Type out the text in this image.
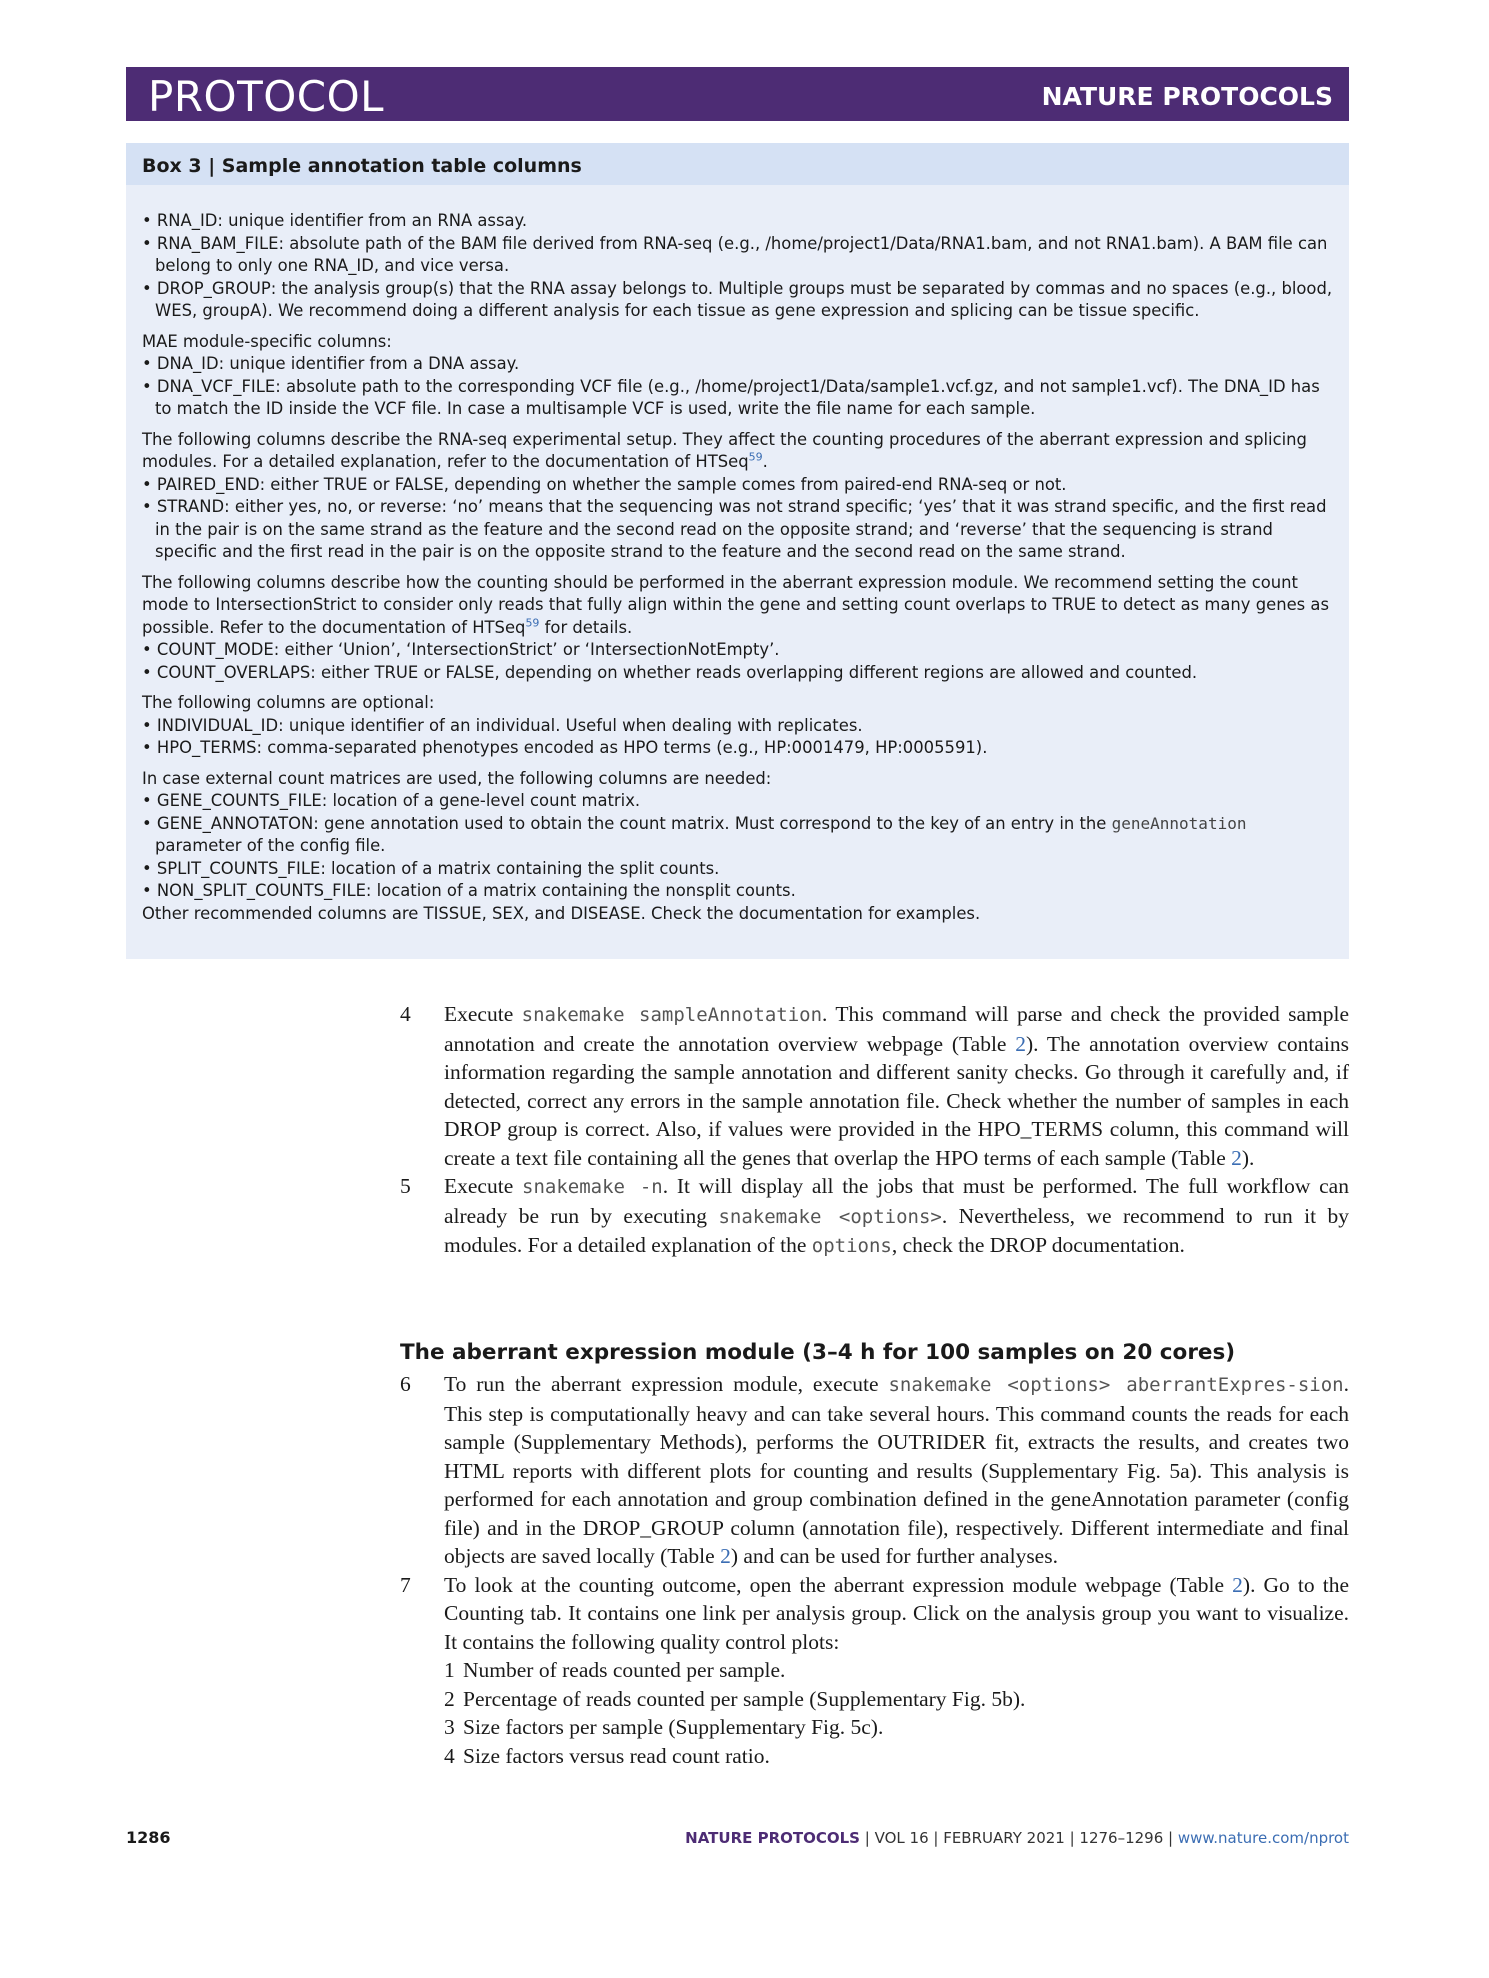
PROTOCOL	NATURE PROTOCOLS
Box 3 | Sample annotation table columns

• RNA_ID: unique identifier from an RNA assay.

• RNA_BAM_FILE: absolute path of the BAM file derived from RNA-seq (e.g., /home/project1/Data/RNA1.bam, and not RNA1.bam). A BAM file can belong to only one RNA_ID, and vice versa.

• DROP_GROUP: the analysis group(s) that the RNA assay belongs to. Multiple groups must be separated by commas and no spaces (e.g., blood, WES, groupA). We recommend doing a different analysis for each tissue as gene expression and splicing can be tissue specific.

MAE module-specific columns:

• DNA_ID: unique identifier from a DNA assay.

• DNA_VCF_FILE: absolute path to the corresponding VCF file (e.g., /home/project1/Data/sample1.vcf.gz, and not sample1.vcf). The DNA_ID has to match the ID inside the VCF file. In case a multisample VCF is used, write the file name for each sample.

The following columns describe the RNA-seq experimental setup. They affect the counting procedures of the aberrant expression and splicing modules. For a detailed explanation, refer to the documentation of HTSeq$^{59}$.

• PAIRED_END: either TRUE or FALSE, depending on whether the sample comes from paired-end RNA-seq or not.

• STRAND: either yes, no, or reverse: ‘no’ means that the sequencing was not strand specific; ‘yes’ that it was strand specific, and the first read in the pair is on the same strand as the feature and the second read on the opposite strand; and ‘reverse’ that the sequencing is strand specific and the first read in the pair is on the opposite strand to the feature and the second read on the same strand.

The following columns describe how the counting should be performed in the aberrant expression module. We recommend setting the count mode to IntersectionStrict to consider only reads that fully align within the gene and setting count overlaps to TRUE to detect as many genes as possible. Refer to the documentation of HTSeq$^{59}$ for details.

• COUNT_MODE: either ‘Union’, ‘IntersectionStrict’ or ‘IntersectionNotEmpty’.

• COUNT_OVERLAPS: either TRUE or FALSE, depending on whether reads overlapping different regions are allowed and counted.

The following columns are optional:

• INDIVIDUAL_ID: unique identifier of an individual. Useful when dealing with replicates.

• HPO_TERMS: comma-separated phenotypes encoded as HPO terms (e.g., HP:0001479, HP:0005591).

In case external count matrices are used, the following columns are needed:

• GENE_COUNTS_FILE: location of a gene-level count matrix.

• GENE_ANNOTATON: gene annotation used to obtain the count matrix. Must correspond to the key of an entry in the geneAnnotation parameter of the config file.

• SPLIT_COUNTS_FILE: location of a matrix containing the split counts.

• NON_SPLIT_COUNTS_FILE: location of a matrix containing the nonsplit counts.

Other recommended columns are TISSUE, SEX, and DISEASE. Check the documentation for examples.

4 Execute snakemake sampleAnnotation. This command will parse and check the provided sample annotation and create the annotation overview webpage (Table 2). The annotation overview contains information regarding the sample annotation and different sanity checks. Go through it carefully and, if detected, correct any errors in the sample annotation file. Check whether the number of samples in each DROP group is correct. Also, if values were provided in the HPO_TERMS column, this command will create a text file containing all the genes that overlap the HPO terms of each sample (Table 2).
5 Execute snakemake -n. It will display all the jobs that must be performed. The full workflow can already be run by executing snakemake <options>. Nevertheless, we recommend to run it by modules. For a detailed explanation of the options, check the DROP documentation.
The aberrant expression module (3–4 h for 100 samples on 20 cores)
6 To run the aberrant expression module, execute snakemake <options> aberrantExpres-sion. This step is computationally heavy and can take several hours. This command counts the reads for each sample (Supplementary Methods), performs the OUTRIDER fit, extracts the results, and creates two HTML reports with different plots for counting and results (Supplementary Fig. 5a). This analysis is performed for each annotation and group combination defined in the geneAnnotation parameter (config file) and in the DROP_GROUP column (annotation file), respectively. Different intermediate and final objects are saved locally (Table 2) and can be used for further analyses.
7 To look at the counting outcome, open the aberrant expression module webpage (Table 2). Go to the Counting tab. It contains one link per analysis group. Click on the analysis group you want to visualize. It contains the following quality control plots:
1 Number of reads counted per sample.
2 Percentage of reads counted per sample (Supplementary Fig. 5b).
3 Size factors per sample (Supplementary Fig. 5c).
4 Size factors versus read count ratio.
1286	NATURE PROTOCOLS | VOL 16 | FEBRUARY 2021 | 1276–1296 | www.nature.com/nprot
